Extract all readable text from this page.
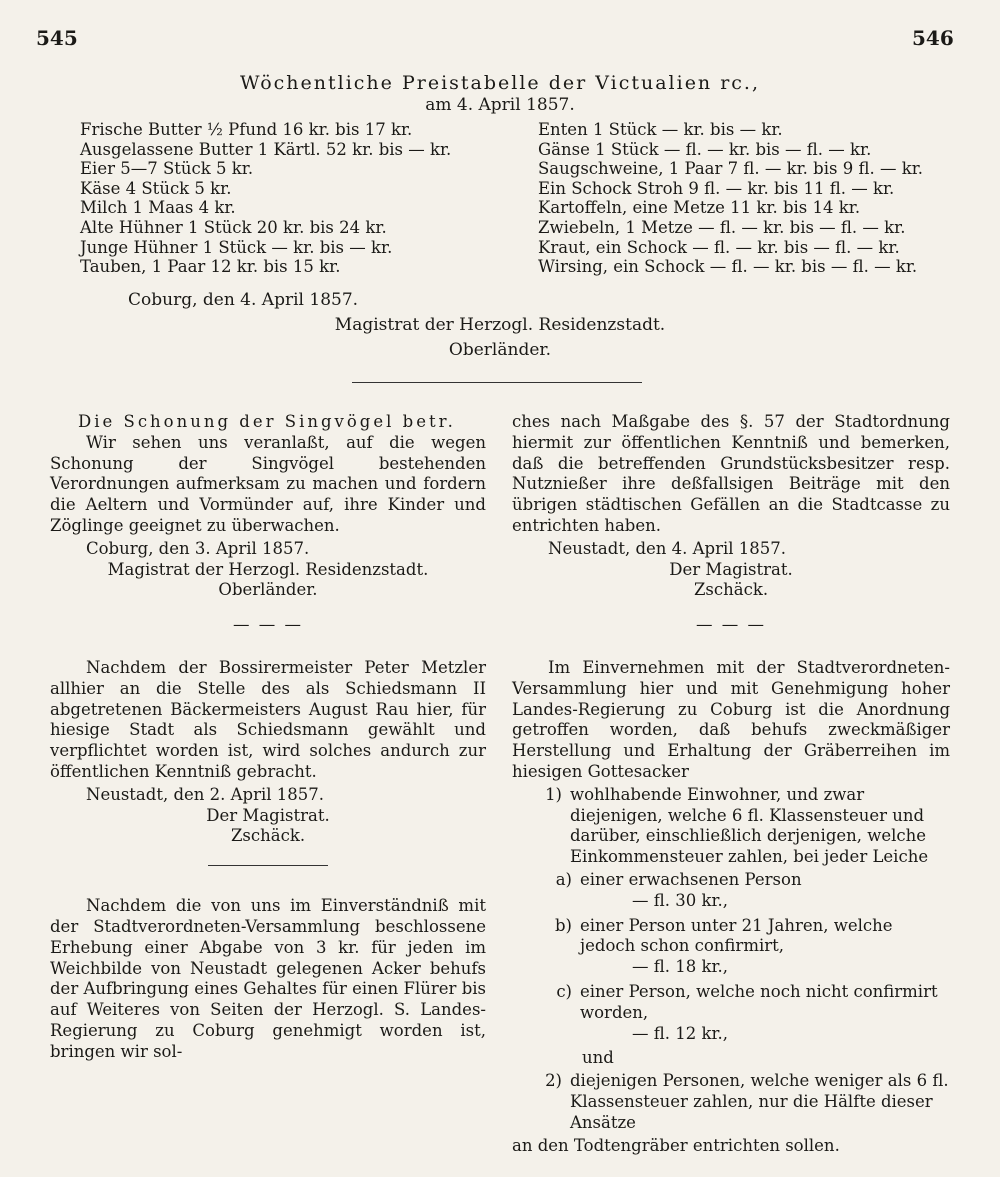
545	546
Wöchentliche Preistabelle der Victualien rc.,
am 4. April 1857.
Frische Butter ½ Pfund 16 kr. bis 17 kr.
Ausgelassene Butter 1 Kärtl. 52 kr. bis — kr.
Eier 5—7 Stück 5 kr.
Käse 4 Stück 5 kr.
Milch 1 Maas 4 kr.
Alte Hühner 1 Stück 20 kr. bis 24 kr.
Junge Hühner 1 Stück — kr. bis — kr.
Tauben, 1 Paar 12 kr. bis 15 kr.
Enten 1 Stück — kr. bis — kr.
Gänse 1 Stück — fl. — kr. bis — fl. — kr.
Saugschweine, 1 Paar 7 fl. — kr. bis 9 fl. — kr.
Ein Schock Stroh 9 fl. — kr. bis 11 fl. — kr.
Kartoffeln, eine Metze 11 kr. bis 14 kr.
Zwiebeln, 1 Metze — fl. — kr. bis — fl. — kr.
Kraut, ein Schock — fl. — kr. bis — fl. — kr.
Wirsing, ein Schock — fl. — kr. bis — fl. — kr.
Coburg, den 4. April 1857.
Magistrat der Herzogl. Residenzstadt.
Oberländer.
Die Schonung der Singvögel betr.

Wir sehen uns veranlaßt, auf die wegen Schonung der Singvögel bestehenden Verordnungen aufmerksam zu machen und fordern die Aeltern und Vormünder auf, ihre Kinder und Zöglinge geeignet zu überwachen.

Coburg, den 3. April 1857.
Magistrat der Herzogl. Residenzstadt.
Oberländer.
— — —

Nachdem der Bossirermeister Peter Metzler allhier an die Stelle des als Schiedsmann II abgetretenen Bäckermeisters August Rau hier, für hiesige Stadt als Schiedsmann gewählt und verpflichtet worden ist, wird solches andurch zur öffentlichen Kenntniß gebracht.

Neustadt, den 2. April 1857.
Der Magistrat.
Zschäck.

Nachdem die von uns im Einverständniß mit der Stadtverordneten-Versammlung beschlossene Erhebung einer Abgabe von 3 kr. für jeden im Weichbilde von Neustadt gelegenen Acker behufs der Aufbringung eines Gehaltes für einen Flürer bis auf Weiteres von Seiten der Herzogl. S. Landes-Regierung zu Coburg genehmigt worden ist, bringen wir sol-

ches nach Maßgabe des §. 57 der Stadtordnung hiermit zur öffentlichen Kenntniß und bemerken, daß die betreffenden Grundstücksbesitzer resp. Nutznießer ihre deßfallsigen Beiträge mit den übrigen städtischen Gefällen an die Stadtcasse zu entrichten haben.

Neustadt, den 4. April 1857.
Der Magistrat.
Zschäck.
— — —

Im Einvernehmen mit der Stadtverordneten-Versammlung hier und mit Genehmigung hoher Landes-Regierung zu Coburg ist die Anordnung getroffen worden, daß behufs zweckmäßiger Herstellung und Erhaltung der Gräberreihen im hiesigen Gottesacker

1) wohlhabende Einwohner, und zwar diejenigen, welche 6 fl. Klassensteuer und darüber, einschließlich derjenigen, welche Einkommensteuer zahlen, bei jeder Leiche
a) einer erwachsenen Person
— fl. 30 kr.,
b) einer Person unter 21 Jahren, welche jedoch schon confirmirt,
— fl. 18 kr.,
c) einer Person, welche noch nicht confirmirt worden,
— fl. 12 kr.,
und
2) diejenigen Personen, welche weniger als 6 fl. Klassensteuer zahlen, nur die Hälfte dieser Ansätze
an den Todtengräber entrichten sollen.
